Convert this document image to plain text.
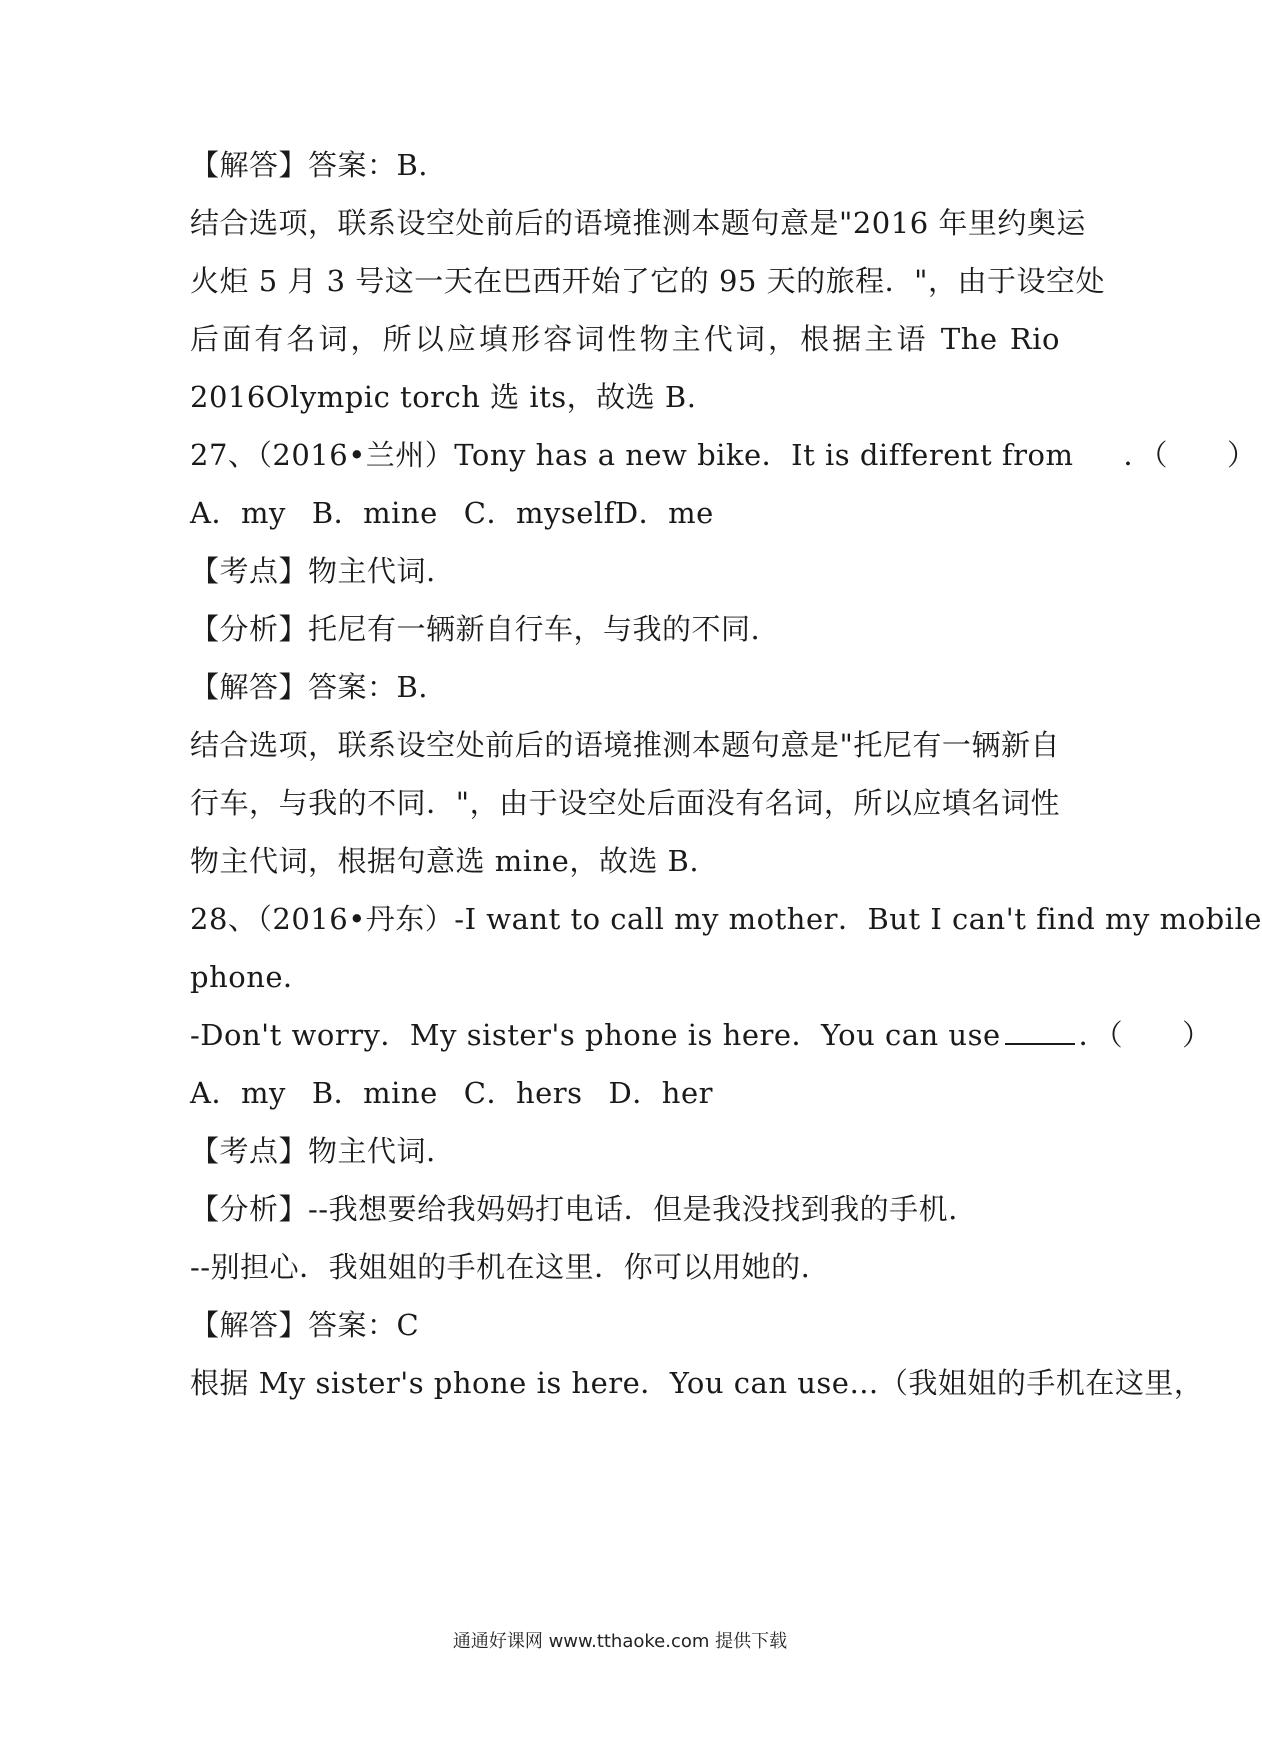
【解答】答案：B.
结合选项，联系设空处前后的语境推测本题句意是"2016 年里约奥运
火炬 5 月 3 号这一天在巴西开始了它的 95 天的旅程．"，由于设空处
后面有名词，所以应填形容词性物主代词，根据主语 The Rio
2016Olympic torch 选 its，故选 B.
27、（2016•兰州）Tony has a new bike．It is different from ．（　　）
A．my B．mine C．myselfD．me
【考点】物主代词.
【分析】托尼有一辆新自行车，与我的不同.
【解答】答案：B.
结合选项，联系设空处前后的语境推测本题句意是"托尼有一辆新自
行车，与我的不同．"，由于设空处后面没有名词，所以应填名词性
物主代词，根据句意选 mine，故选 B.
28、（2016•丹东）-I want to call my mother．But I can't find my mobile
phone．
-Don't worry．My sister's phone is here．You can use	．（　　）
A．my B．mine C．hers D．her
【考点】物主代词.
【分析】--我想要给我妈妈打电话．但是我没找到我的手机.
--别担心．我姐姐的手机在这里．你可以用她的.
【解答】答案：C
根据 My sister's phone is here．You can use…（我姐姐的手机在这里，
通通好课网 www.tthaoke.com 提供下载
